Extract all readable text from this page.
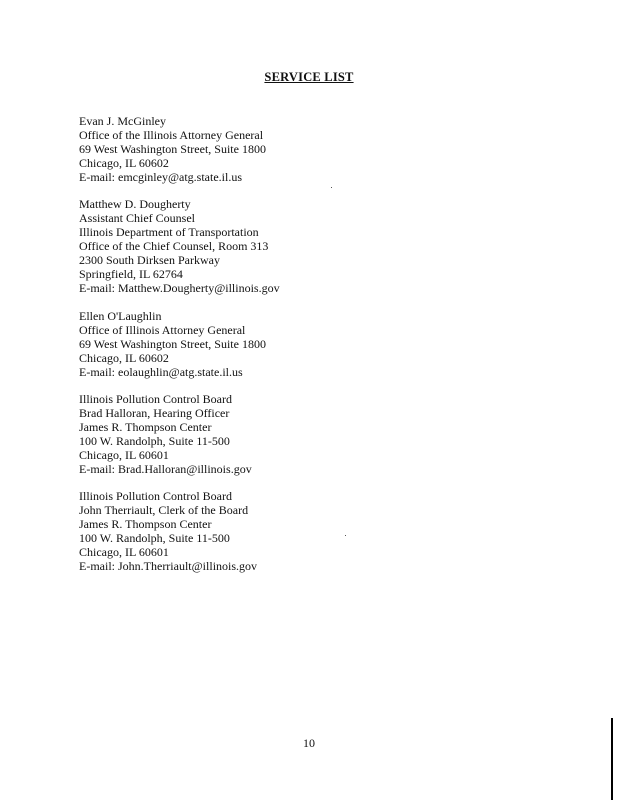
SERVICE LIST
Evan J. McGinley
Office of the Illinois Attorney General
69 West Washington Street, Suite 1800
Chicago, IL 60602
E-mail: emcginley@atg.state.il.us
Matthew D. Dougherty
Assistant Chief Counsel
Illinois Department of Transportation
Office of the Chief Counsel, Room 313
2300 South Dirksen Parkway
Springfield, IL 62764
E-mail: Matthew.Dougherty@illinois.gov
Ellen O'Laughlin
Office of Illinois Attorney General
69 West Washington Street, Suite 1800
Chicago, IL 60602
E-mail: eolaughlin@atg.state.il.us
Illinois Pollution Control Board
Brad Halloran, Hearing Officer
James R. Thompson Center
100 W. Randolph, Suite 11-500
Chicago, IL 60601
E-mail: Brad.Halloran@illinois.gov
Illinois Pollution Control Board
John Therriault, Clerk of the Board
James R. Thompson Center
100 W. Randolph, Suite 11-500
Chicago, IL 60601
E-mail: John.Therriault@illinois.gov
10
